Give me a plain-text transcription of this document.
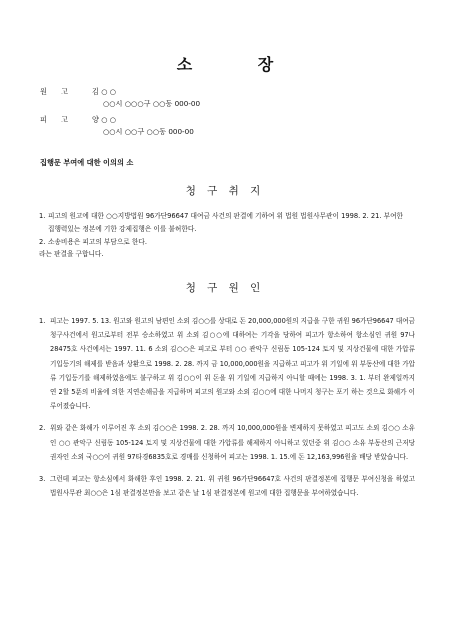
소 장
원고	김 ○ ○
○○시 ○○○구 ○○동 000-00
피고	양 ○ ○
○○시 ○○구 ○○동 000-00
집행문 부여에 대한 이의의 소
청 구 취 지
1. 피고의 원고에 대한 ○○지방법원 96가단96647 대여금 사건의 판결에 기하여 위 법원 법원사무관이 1998. 2. 21. 부여한 집행력있는 정본에 기한 강제집행은 이를 불허한다.
2. 소송비용은 피고의 부담으로 한다.
라는 판결을 구합니다.
청 구 원 인
1. 피고는 1997. 5. 13. 원고와 원고의 남편인 소외 김○○를 상대로 돈 20,000,000원의 지급을 구한 귀원 96가단96647 대여금 청구사건에서 원고로부터 전부 승소하였고 위 소외 김○○에 대하여는 기각을 당하여 피고가 항소하여 항소심인 귀원 97나28475호 사건에서는 1997. 11. 6 소외 김○○은 피고로 부터 ○○ 관악구 신림동 105-124 토지 및 지상건물에 대한 가압류 기입등기의 해제를 받음과 상환으로 1998. 2. 28. 까지 금 10,000,000원을 지급하고 피고가 위 기일에 위 부동산에 대한 가압류 기입등기를 해제하였음에도 불구하고 위 김○○이 위 돈을 위 기일에 지급하지 아니할 때에는 1998. 3. 1. 부터 완제일까지 연 2할 5푼의 비율에 의한 지연손해금을 지급하며 피고의 원고와 소외 김○○에 대한 나머지 청구는 포기 하는 것으로 화해가 이루어졌습니다.
2. 위와 같은 화해가 이루어진 후 소외 김○○은 1998. 2. 28. 까지 10,000,000원을 변제하지 못하였고 피고도 소외 김○○ 소유인 ○○ 관악구 신림동 105-124 토지 및 지상건물에 대한 가압류를 해제하지 아니하고 있던중 위 김○○ 소유 부동산의 근저당권자인 소외 국○○이 귀원 97타경6835호로 경매를 신청하여 피고는 1998. 1. 15.에 돈 12,163,996원을 배당 받았습니다.
3. 그런데 피고는 항소심에서 화해한 후인 1998. 2. 21. 위 귀원 96가단96647호 사건의 판결정본에 집행문 부여신청을 하였고 법원사무관 최○○은 1심 판결정본만을 보고 같은 날 1심 판결정본에 원고에 대한 집행문을 부여하였습니다.
